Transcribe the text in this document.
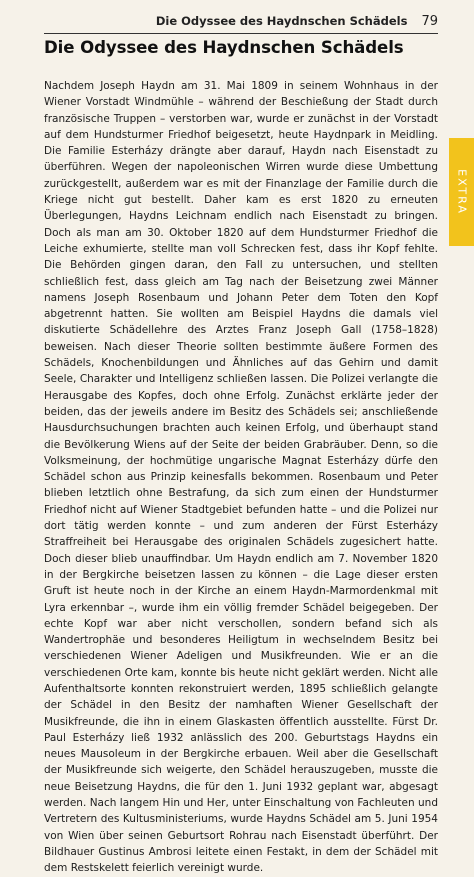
Die Odyssee des Haydnschen Schädels 79
Die Odyssee des Haydnschen Schädels
EXTRA

Nachdem Joseph Haydn am 31. Mai 1809 in seinem Wohnhaus in der Wiener Vorstadt Windmühle – während der Beschießung der Stadt durch französische Truppen – verstorben war, wurde er zunächst in der Vorstadt auf dem Hundsturmer Friedhof beigesetzt, heute Haydnpark in Meidling. Die Familie Esterházy drängte aber darauf, Haydn nach Eisenstadt zu überführen. Wegen der napoleonischen Wirren wurde diese Umbettung zurückgestellt, außerdem war es mit der Finanzlage der Familie durch die Kriege nicht gut bestellt. Daher kam es erst 1820 zu erneuten Überlegungen, Haydns Leichnam endlich nach Eisenstadt zu bringen. Doch als man am 30. Oktober 1820 auf dem Hundsturmer Friedhof die Leiche exhumierte, stellte man voll Schrecken fest, dass ihr Kopf fehlte. Die Behörden gingen daran, den Fall zu untersuchen, und stellten schließlich fest, dass gleich am Tag nach der Beisetzung zwei Männer namens Joseph Rosenbaum und Johann Peter dem Toten den Kopf abgetrennt hatten. Sie wollten am Beispiel Haydns die damals viel diskutierte Schädellehre des Arztes Franz Joseph Gall (1758–1828) beweisen. Nach dieser Theorie sollten bestimmte äußere Formen des Schädels, Knochenbildungen und Ähnliches auf das Gehirn und damit Seele, Charakter und Intelligenz schließen lassen. Die Polizei verlangte die Herausgabe des Kopfes, doch ohne Erfolg. Zunächst erklärte jeder der beiden, das der jeweils andere im Besitz des Schädels sei; anschließende Hausdurchsuchungen brachten auch keinen Erfolg, und überhaupt stand die Bevölkerung Wiens auf der Seite der beiden Grabräuber. Denn, so die Volksmeinung, der hochmütige ungarische Magnat Esterházy dürfe den Schädel schon aus Prinzip keinesfalls bekommen. Rosenbaum und Peter blieben letztlich ohne Bestrafung, da sich zum einen der Hundsturmer Friedhof nicht auf Wiener Stadtgebiet befunden hatte – und die Polizei nur dort tätig werden konnte – und zum anderen der Fürst Esterházy Straffreiheit bei Herausgabe des originalen Schädels zugesichert hatte. Doch dieser blieb unauffindbar. Um Haydn endlich am 7. November 1820 in der Bergkirche beisetzen lassen zu können – die Lage dieser ersten Gruft ist heute noch in der Kirche an einem Haydn-Marmordenkmal mit Lyra erkennbar –, wurde ihm ein völlig fremder Schädel beigegeben. Der echte Kopf war aber nicht verschollen, sondern befand sich als Wandertrophäe und besonderes Heiligtum in wechselndem Besitz bei verschiedenen Wiener Adeligen und Musikfreunden. Wie er an die verschiedenen Orte kam, konnte bis heute nicht geklärt werden. Nicht alle Aufenthaltsorte konnten rekonstruiert werden, 1895 schließlich gelangte der Schädel in den Besitz der namhaften Wiener Gesellschaft der Musikfreunde, die ihn in einem Glaskasten öffentlich ausstellte. Fürst Dr. Paul Esterházy ließ 1932 anlässlich des 200. Geburtstags Haydns ein neues Mausoleum in der Bergkirche erbauen. Weil aber die Gesellschaft der Musikfreunde sich weigerte, den Schädel herauszugeben, musste die neue Beisetzung Haydns, die für den 1. Juni 1932 geplant war, abgesagt werden. Nach langem Hin und Her, unter Einschaltung von Fachleuten und Vertretern des Kultusministeriums, wurde Haydns Schädel am 5. Juni 1954 von Wien über seinen Geburtsort Rohrau nach Eisenstadt überführt. Der Bildhauer Gustinus Ambrosi leitete einen Festakt, in dem der Schädel mit dem Restskelett feierlich vereinigt wurde.
